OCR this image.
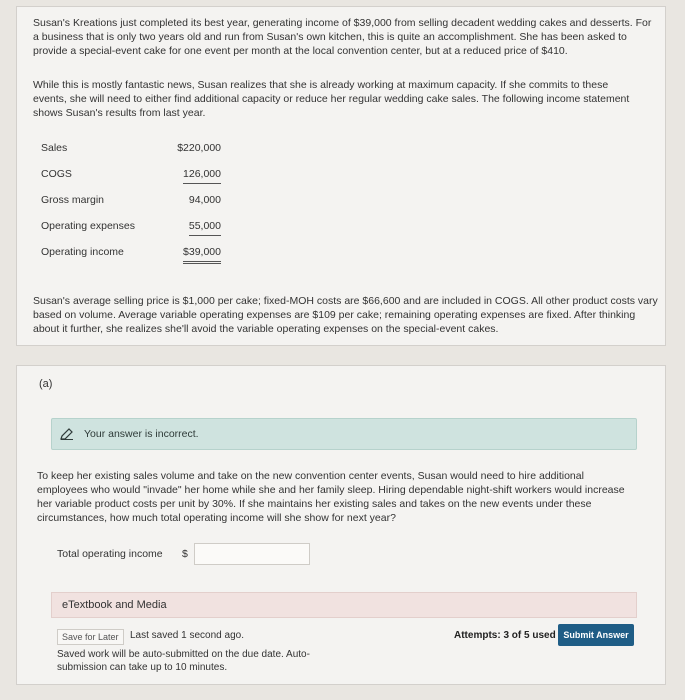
Susan's Kreations just completed its best year, generating income of $39,000 from selling decadent wedding cakes and desserts. For a business that is only two years old and run from Susan's own kitchen, this is quite an accomplishment. She has been asked to provide a special-event cake for one event per month at the local convention center, but at a reduced price of $410.

While this is mostly fantastic news, Susan realizes that she is already working at maximum capacity. If she commits to these events, she will need to either find additional capacity or reduce her regular wedding cake sales. The following income statement shows Susan's results from last year.

Sales	$220,000
COGS	126,000
Gross margin	94,000
Operating expenses	55,000
Operating income	$39,000

Susan's average selling price is $1,000 per cake; fixed-MOH costs are $66,600 and are included in COGS. All other product costs vary based on volume. Average variable operating expenses are $109 per cake; remaining operating expenses are fixed. After thinking about it further, she realizes she'll avoid the variable operating expenses on the special-event cakes.

(a)
Your answer is incorrect.

To keep her existing sales volume and take on the new convention center events, Susan would need to hire additional employees who would "invade" her home while she and her family sleep. Hiring dependable night-shift workers would increase her variable product costs per unit by 30%. If she maintains her existing sales and takes on the new events under these circumstances, how much total operating income will she show for next year?

Total operating income $
eTextbook and Media
Save for Later	Last saved 1 second ago.

Saved work will be auto-submitted on the due date. Auto-submission can take up to 10 minutes.

Attempts: 3 of 5 used Submit Answer
